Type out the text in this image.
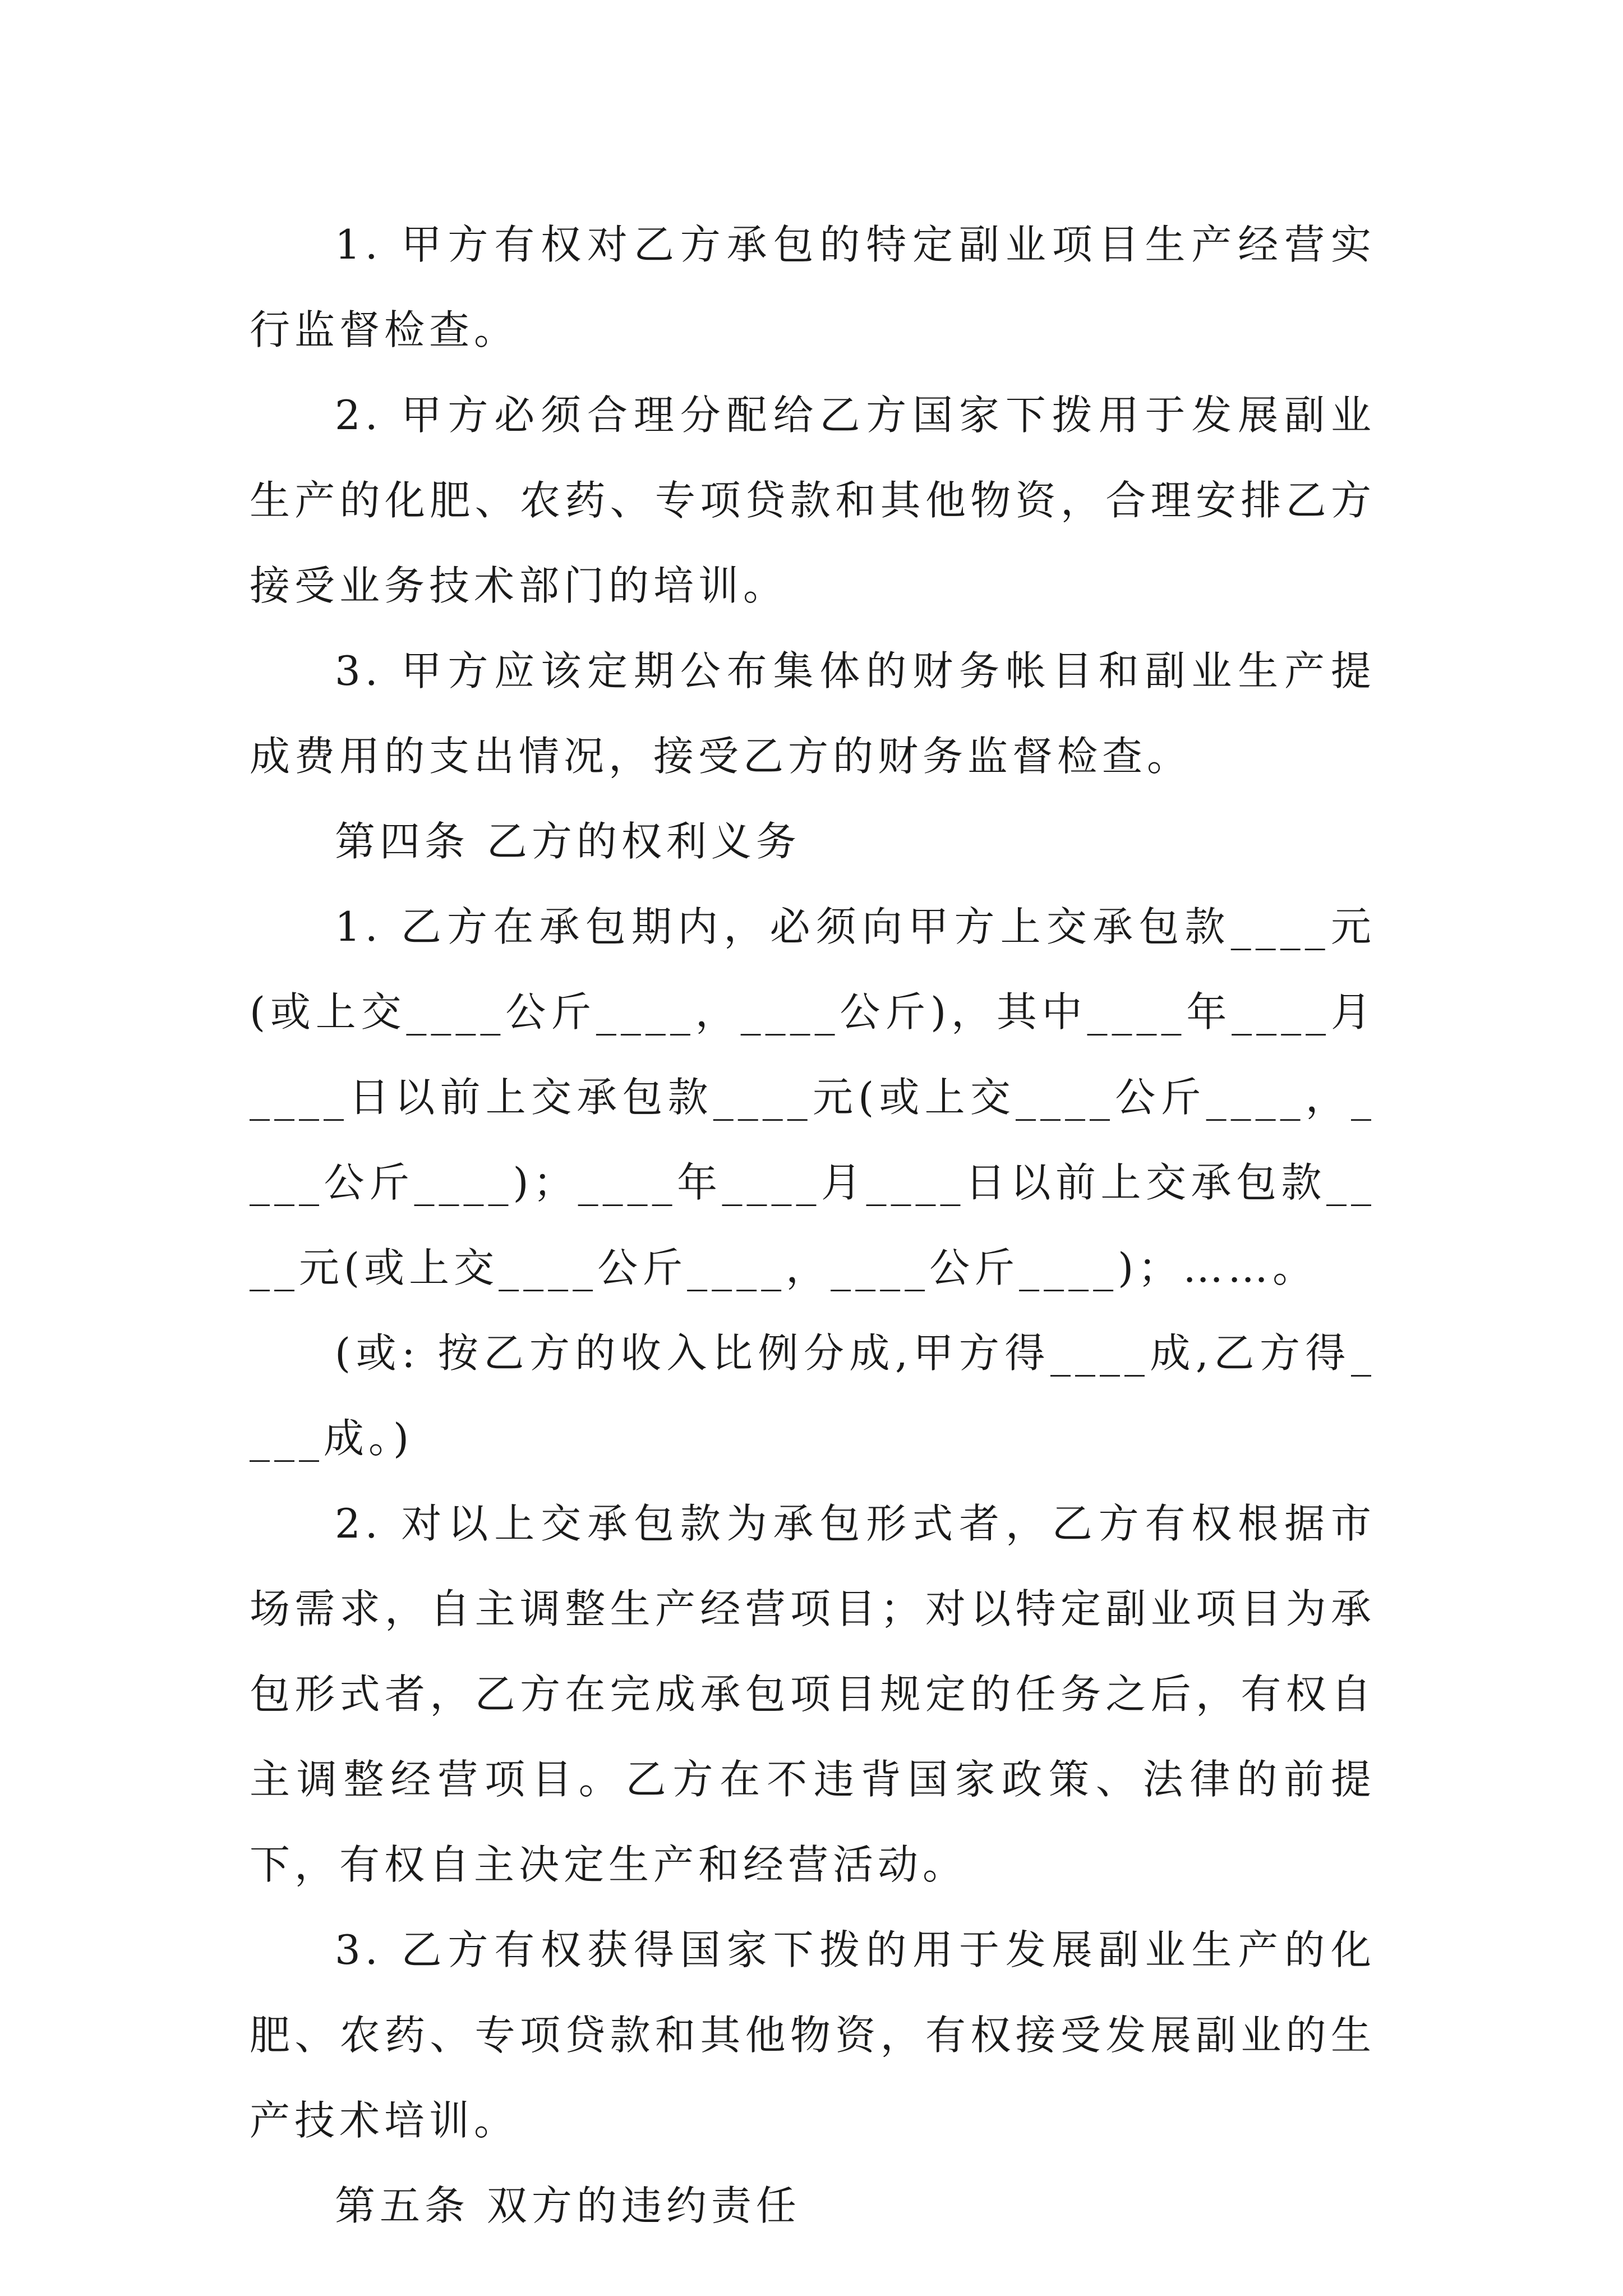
1. 甲方有权对乙方承包的特定副业项目生产经营实行监督检查。

2. 甲方必须合理分配给乙方国家下拨用于发展副业生产的化肥、农药、专项贷款和其他物资，合理安排乙方接受业务技术部门的培训。

3. 甲方应该定期公布集体的财务帐目和副业生产提成费用的支出情况，接受乙方的财务监督检查。

第四条 乙方的权利义务

1. 乙方在承包期内，必须向甲方上交承包款____元(或上交____公斤____，____公斤)，其中____年____月____日以前上交承包款____元(或上交____公斤____，____公斤____)；____年____月____日以前上交承包款____元(或上交____公斤____，____公斤____)；……。

(或: 按乙方的收入比例分成,甲方得____成,乙方得____成。)

2. 对以上交承包款为承包形式者，乙方有权根据市场需求，自主调整生产经营项目；对以特定副业项目为承包形式者，乙方在完成承包项目规定的任务之后，有权自主调整经营项目。乙方在不违背国家政策、法律的前提下，有权自主决定生产和经营活动。

3. 乙方有权获得国家下拨的用于发展副业生产的化肥、农药、专项贷款和其他物资，有权接受发展副业的生产技术培训。

第五条 双方的违约责任
